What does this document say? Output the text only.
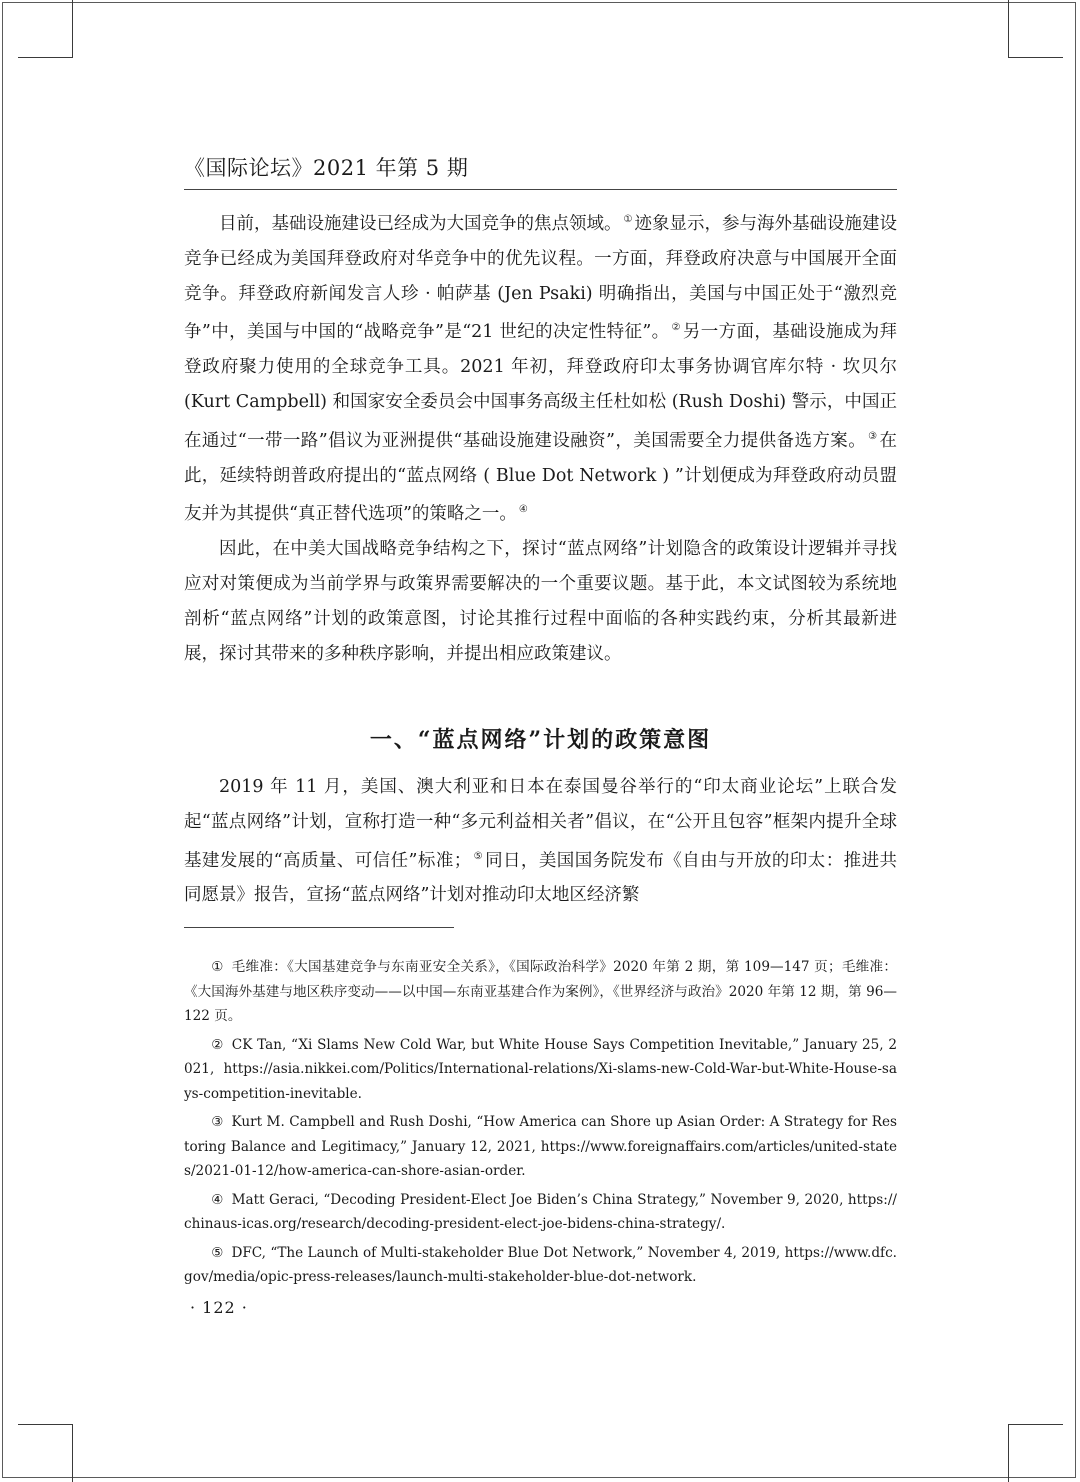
《国际论坛》2021 年第 5 期

目前，基础设施建设已经成为大国竞争的焦点领域。 ① 迹象显示，参与海外基础设施建设竞争已经成为美国拜登政府对华竞争中的优先议程。一方面，拜登政府决意与中国展开全面竞争。拜登政府新闻发言人珍 · 帕萨基 (Jen Psaki) 明确指出，美国与中国正处于“激烈竞争”中，美国与中国的“战略竞争”是“21 世纪的决定性特征”。 ② 另一方面，基础设施成为拜登政府聚力使用的全球竞争工具。2021 年初，拜登政府印太事务协调官库尔特 · 坎贝尔 (Kurt Campbell) 和国家安全委员会中国事务高级主任杜如松 (Rush Doshi) 警示，中国正在通过“一带一路”倡议为亚洲提供“基础设施建设融资”，美国需要全力提供备选方案。 ③ 在此，延续特朗普政府提出的“蓝点网络 ( Blue Dot Network ) ”计划便成为拜登政府动员盟友并为其提供“真正替代选项”的策略之一。 ④

因此，在中美大国战略竞争结构之下，探讨“蓝点网络”计划隐含的政策设计逻辑并寻找应对对策便成为当前学界与政策界需要解决的一个重要议题。基于此，本文试图较为系统地剖析“蓝点网络”计划的政策意图，讨论其推行过程中面临的各种实践约束，分析其最新进展，探讨其带来的多种秩序影响，并提出相应政策建议。

一、“蓝点网络”计划的政策意图

2019 年 11 月，美国、澳大利亚和日本在泰国曼谷举行的“印太商业论坛”上联合发起“蓝点网络”计划，宣称打造一种“多元利益相关者”倡议，在“公开且包容”框架内提升全球基建发展的“高质量、可信任”标准； ⑤ 同日，美国国务院发布《自由与开放的印太：推进共同愿景》报告，宣扬“蓝点网络”计划对推动印太地区经济繁

① 毛维准：《大国基建竞争与东南亚安全关系》，《国际政治科学》2020 年第 2 期，第 109—147 页；毛维准：《大国海外基建与地区秩序变动——以中国—东南亚基建合作为案例》，《世界经济与政治》2020 年第 12 期，第 96—122 页。

② CK Tan, “Xi Slams New Cold War, but White House Says Competition Inevitable,” January 25, 2021, https://asia.nikkei.com/Politics/International-relations/Xi-slams-new-Cold-War-but-White-House-says-competition-inevitable.

③ Kurt M. Campbell and Rush Doshi, “How America can Shore up Asian Order: A Strategy for Restoring Balance and Legitimacy,” January 12, 2021, https://www.foreignaffairs.com/articles/united-states/2021-01-12/how-america-can-shore-asian-order.

④ Matt Geraci, “Decoding President-Elect Joe Biden’s China Strategy,” November 9, 2020, https://chinaus-icas.org/research/decoding-president-elect-joe-bidens-china-strategy/.

⑤ DFC, “The Launch of Multi-stakeholder Blue Dot Network,” November 4, 2019, https://www.dfc.gov/media/opic-press-releases/launch-multi-stakeholder-blue-dot-network.

· 122 ·
